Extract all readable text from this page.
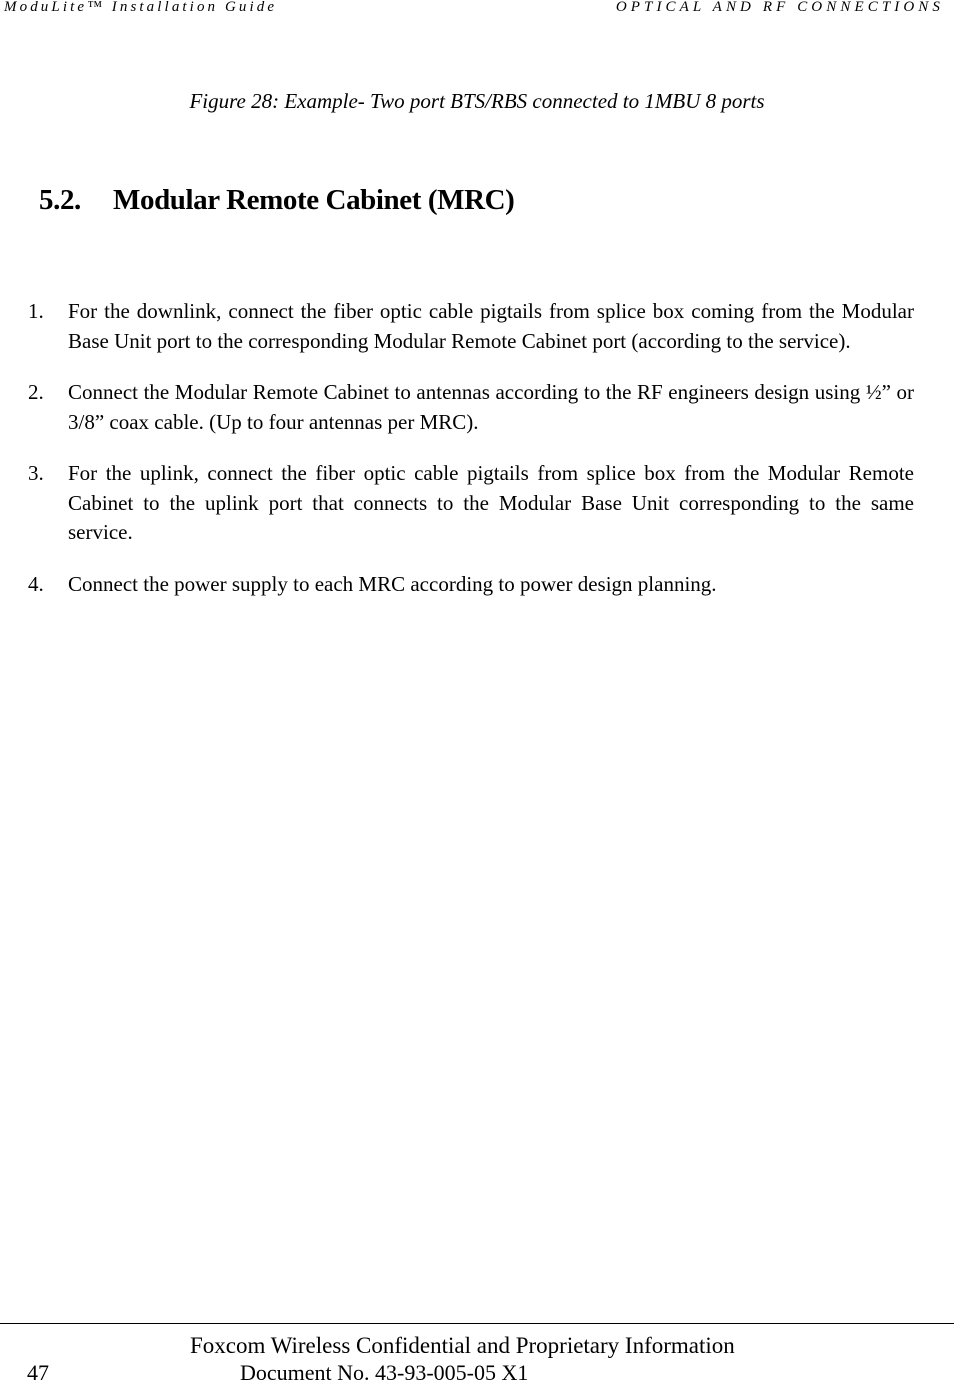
ModuLite™ Installation Guide	OPTICAL AND RF CONNECTIONS
Figure 28: Example- Two port BTS/RBS connected to 1MBU 8 ports
5.2. Modular Remote Cabinet (MRC)
1. For the downlink, connect the fiber optic cable pigtails from splice box coming from the Modular Base Unit port to the corresponding Modular Remote Cabinet port (according to the service).
2. Connect the Modular Remote Cabinet to antennas according to the RF engineers design using ½” or 3/8” coax cable. (Up to four antennas per MRC).
3. For the uplink, connect the fiber optic cable pigtails from splice box from the Modular Remote Cabinet to the uplink port that connects to the Modular Base Unit corresponding to the same service.
4. Connect the power supply to each MRC according to power design planning.
Foxcom Wireless Confidential and Proprietary Information
47	Document No. 43-93-005-05 X1
